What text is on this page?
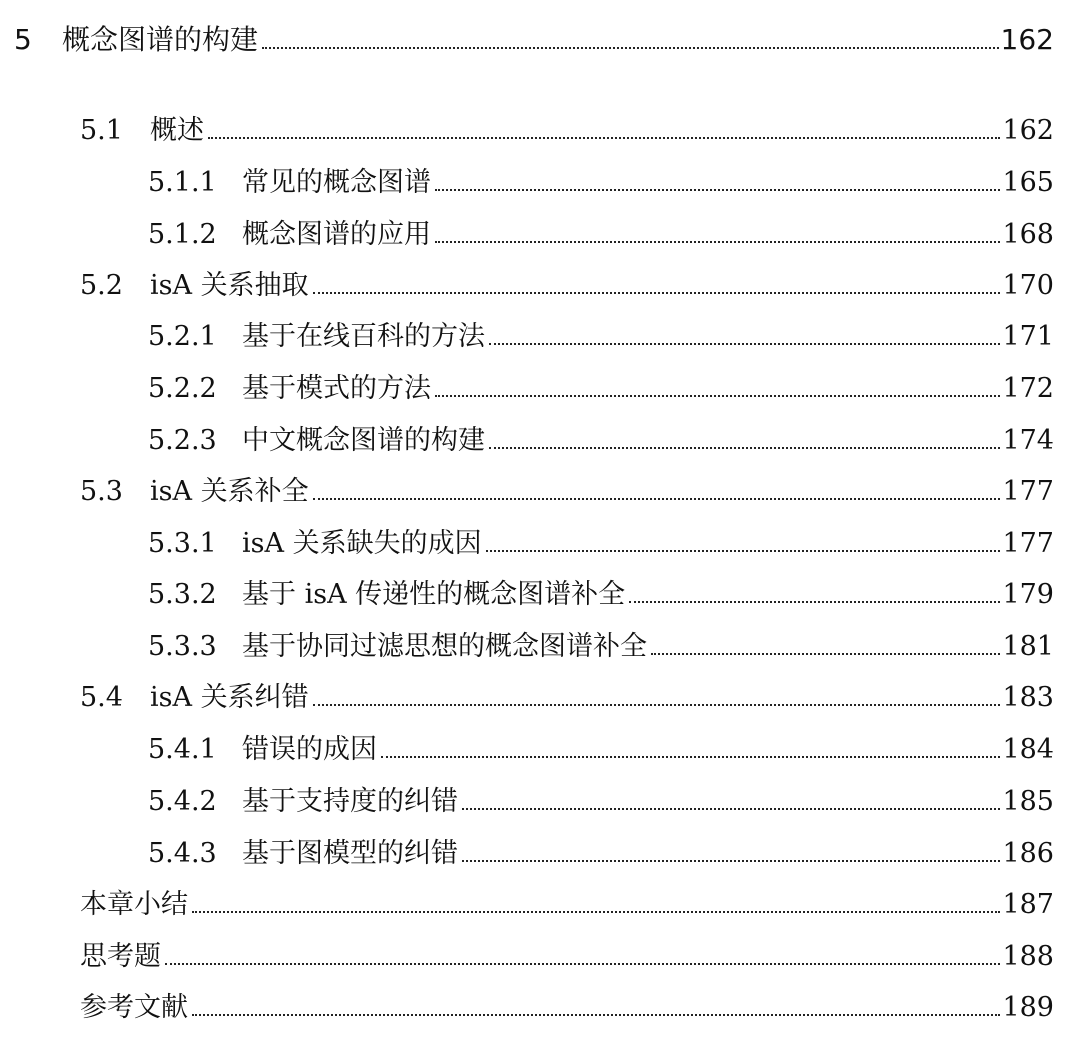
5	概念图谱的构建	162
5.1	概述	162
5.1.1 常见的概念图谱	165
5.1.2 概念图谱的应用	168
5.2	isA 关系抽取	170
5.2.1 基于在线百科的方法	171
5.2.2 基于模式的方法	172
5.2.3 中文概念图谱的构建	174
5.3	isA 关系补全	177
5.3.1 isA 关系缺失的成因	177
5.3.2 基于 isA 传递性的概念图谱补全	179
5.3.3 基于协同过滤思想的概念图谱补全	181
5.4	isA 关系纠错	183
5.4.1 错误的成因	184
5.4.2 基于支持度的纠错	185
5.4.3 基于图模型的纠错	186
本章小结	187
思考题	188
参考文献	189
